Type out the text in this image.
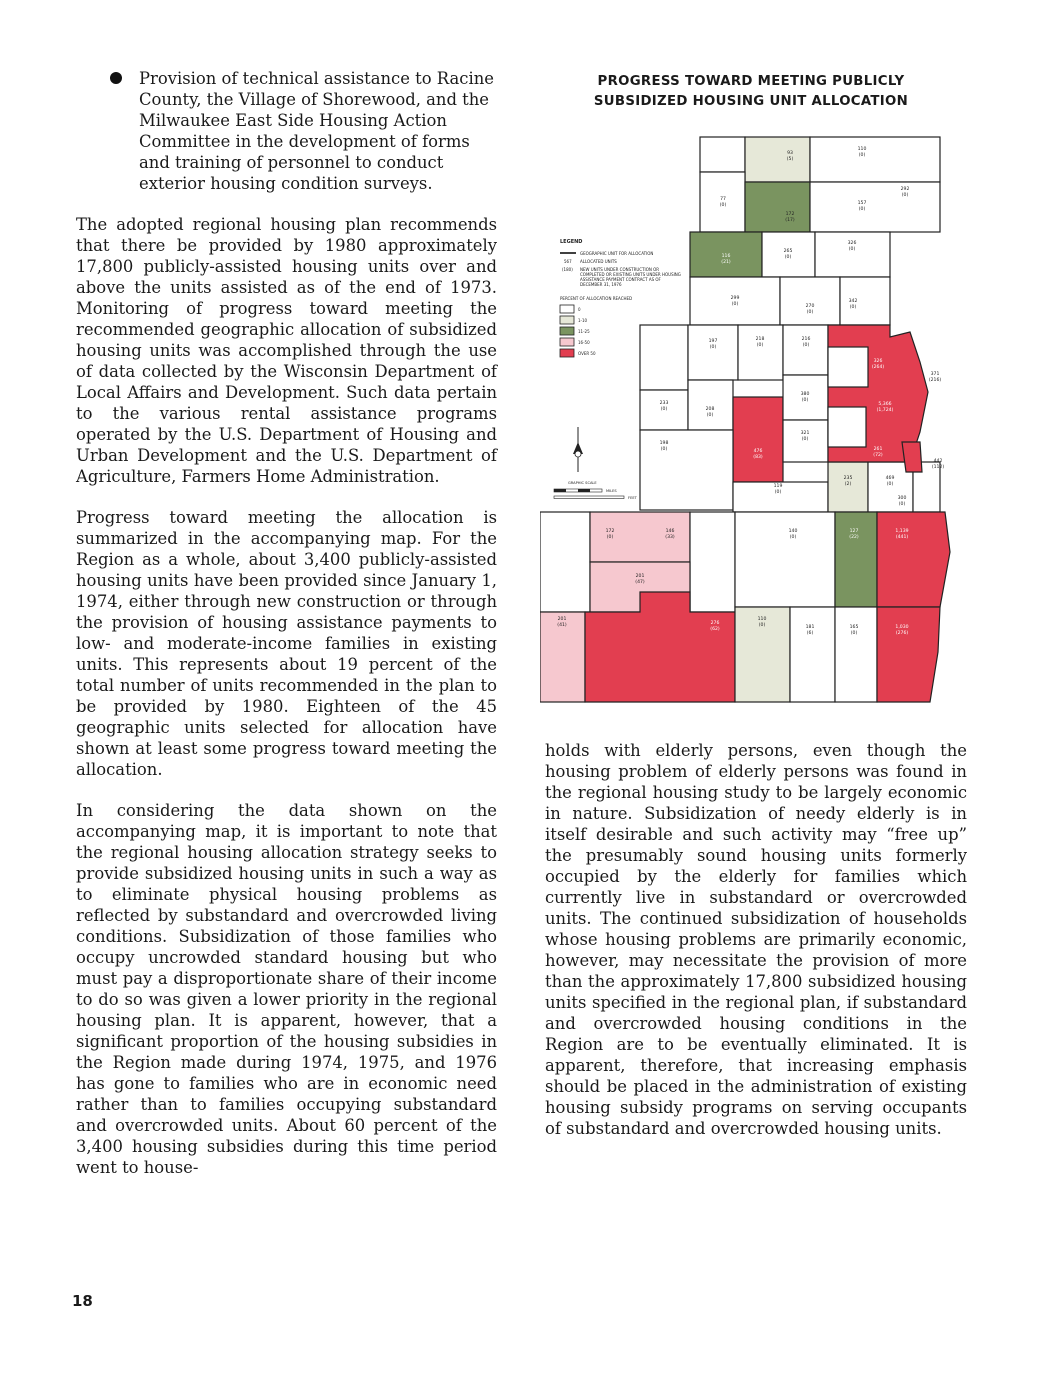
Provision of technical assistance to Racine County, the Village of Shorewood, and the Milwaukee East Side Housing Action Committee in the development of forms and training of personnel to conduct exterior housing condition surveys.

The adopted regional housing plan recommends that there be provided by 1980 approximately 17,800 publicly-assisted housing units over and above the units assisted as of the end of 1973. Monitoring of progress toward meeting the recommended geographic allocation of subsidized housing units was accomplished through the use of data collected by the Wisconsin Department of Local Affairs and Development. Such data pertain to the various rental assistance programs operated by the U.S. Department of Housing and Urban Development and the U.S. Department of Agriculture, Farmers Home Administration.

Progress toward meeting the allocation is summarized in the accompanying map. For the Region as a whole, about 3,400 publicly-assisted housing units have been provided since January 1, 1974, either through new construction or through the provision of housing assistance payments to low- and moderate-income families in existing units. This represents about 19 percent of the total number of units recommended in the plan to be provided by 1980. Eighteen of the 45 geographic units selected for allocation have shown at least some progress toward meeting the allocation.

In considering the data shown on the accompanying map, it is important to note that the regional housing allocation strategy seeks to provide subsidized housing units in such a way as to eliminate physical housing problems as reflected by substandard and overcrowded living conditions. Subsidization of those families who occupy uncrowded standard housing but who must pay a disproportionate share of their income to do so was given a lower priority in the regional housing plan. It is apparent, however, that a significant proportion of the housing subsidies in the Region made during 1974, 1975, and 1976 has gone to families who are in economic need rather than to families occupying substandard and overcrowded units. About 60 percent of the 3,400 housing subsidies during this time period went to house-

PROGRESS TOWARD MEETING PUBLICLY
SUBSIDIZED HOUSING UNIT ALLOCATION
93 (5)
110 (0)
77 (0)
172 (17)
292 (0)
157 (0)
116 (21)
265 (0)
326 (0)
299 (0)	270 (0)
342 (0)
197 (0)
218 (0)
216 (0)
326 (264)
371 (216)
233 (0)	208 (0)
380 (0)
5,366 (1,724)
321 (0)
557 (180)
198 (0)	476 (83)
261 (72)
442 (112)
119 (0)
235 (2)
469 (0)
300 (0)
172 (0)
146 (33)
140 (0)
127 (22)
1,139 (441)
201 (47)
201 (41)	276 (62)
110 (0)	181 (6)
165 (0)
1,030 (276)
LEGEND
GEOGRAPHIC UNIT FOR ALLOCATION
567 ALLOCATED UNITS
(180) NEW UNITS UNDER CONSTRUCTION OR COMPLETED OR EXISTING UNITS UNDER HOUSING ASSISTANCE PAYMENT CONTRACT AS OF DECEMBER 31, 1976
PERCENT OF ALLOCATION REACHED
0
1-10
11-25
16-50
OVER 50
GRAPHIC SCALE
MILES
FEET

holds with elderly persons, even though the housing problem of elderly persons was found in the regional housing study to be largely economic in nature. Subsidization of needy elderly is in itself desirable and such activity may “free up” the presumably sound housing units formerly occupied by the elderly for families which currently live in substandard or overcrowded units. The continued subsidization of households whose housing problems are primarily economic, however, may necessitate the provision of more than the approximately 17,800 subsidized housing units specified in the regional plan, if substandard and overcrowded housing conditions in the Region are to be eventually eliminated. It is apparent, therefore, that increasing emphasis should be placed in the administration of existing housing subsidy programs on serving occupants of substandard and overcrowded housing units.

18
